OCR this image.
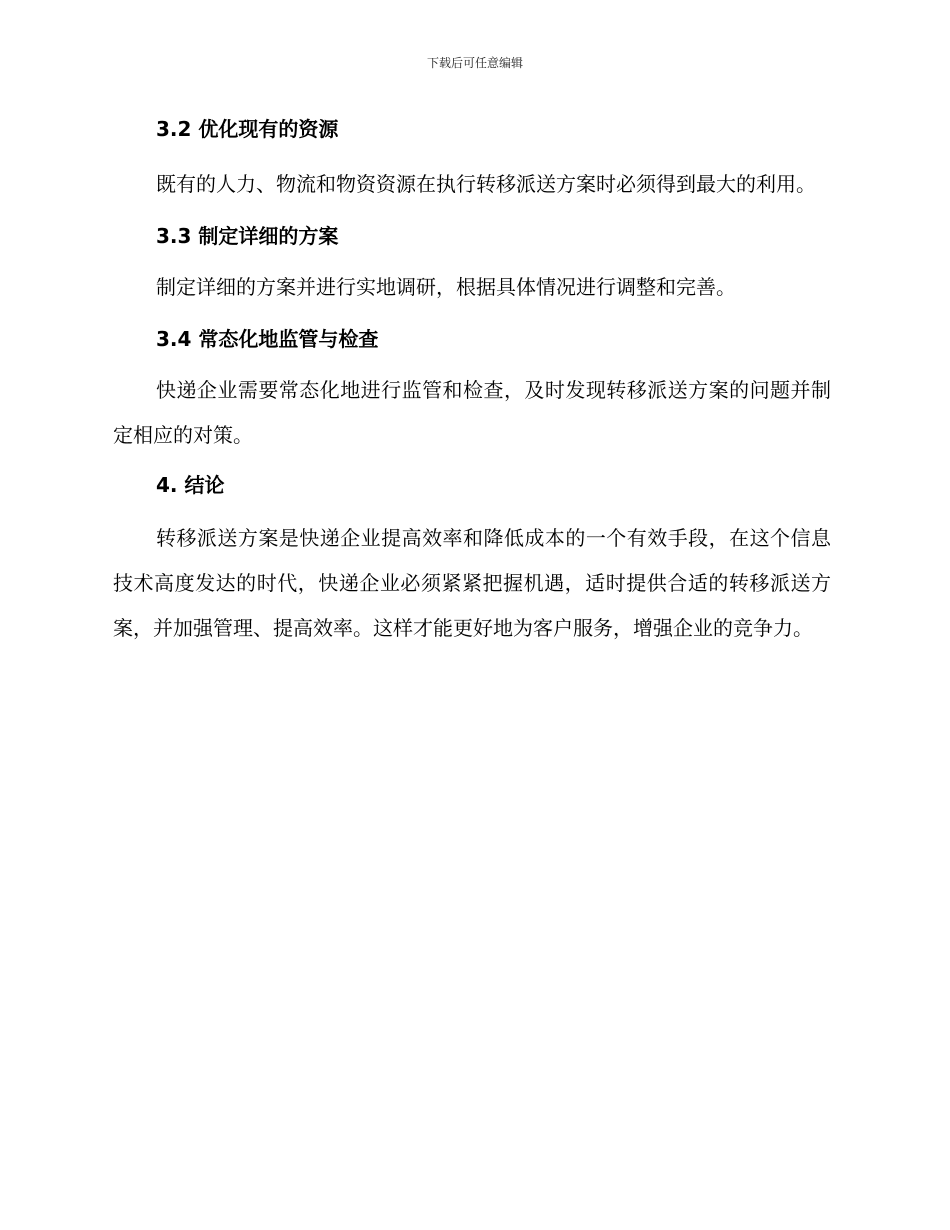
下载后可任意编辑
3.2 优化现有的资源

既有的人力、物流和物资资源在执行转移派送方案时必须得到最大的利用。

3.3 制定详细的方案

制定详细的方案并进行实地调研，根据具体情况进行调整和完善。

3.4 常态化地监管与检查

快递企业需要常态化地进行监管和检查，及时发现转移派送方案的问题并制定相应的对策。

4. 结论

转移派送方案是快递企业提高效率和降低成本的一个有效手段，在这个信息技术高度发达的时代，快递企业必须紧紧把握机遇，适时提供合适的转移派送方案，并加强管理、提高效率。这样才能更好地为客户服务，增强企业的竞争力。
